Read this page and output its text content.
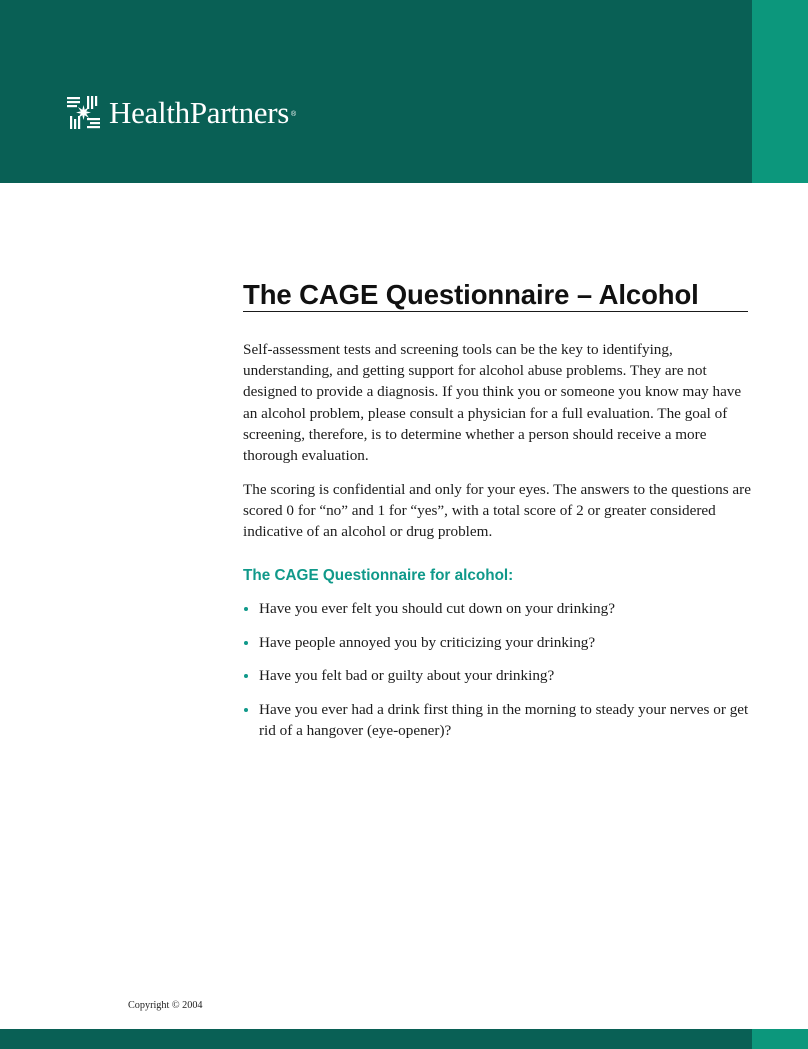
HealthPartners ®
The CAGE Questionnaire – Alcohol

Self-assessment tests and screening tools can be the key to identifying, understanding, and getting support for alcohol abuse problems. They are not designed to provide a diagnosis. If you think you or someone you know may have an alcohol problem, please consult a physician for a full evaluation. The goal of screening, therefore, is to determine whether a person should receive a more thorough evaluation.

The scoring is confidential and only for your eyes. The answers to the questions are scored 0 for “no” and 1 for “yes”, with a total score of 2 or greater considered indicative of an alcohol or drug problem.

The CAGE Questionnaire for alcohol:
Have you ever felt you should cut down on your drinking?
Have people annoyed you by criticizing your drinking?
Have you felt bad or guilty about your drinking?
Have you ever had a drink first thing in the morning to steady your nerves or get rid of a hangover (eye-opener)?
Copyright © 2004
